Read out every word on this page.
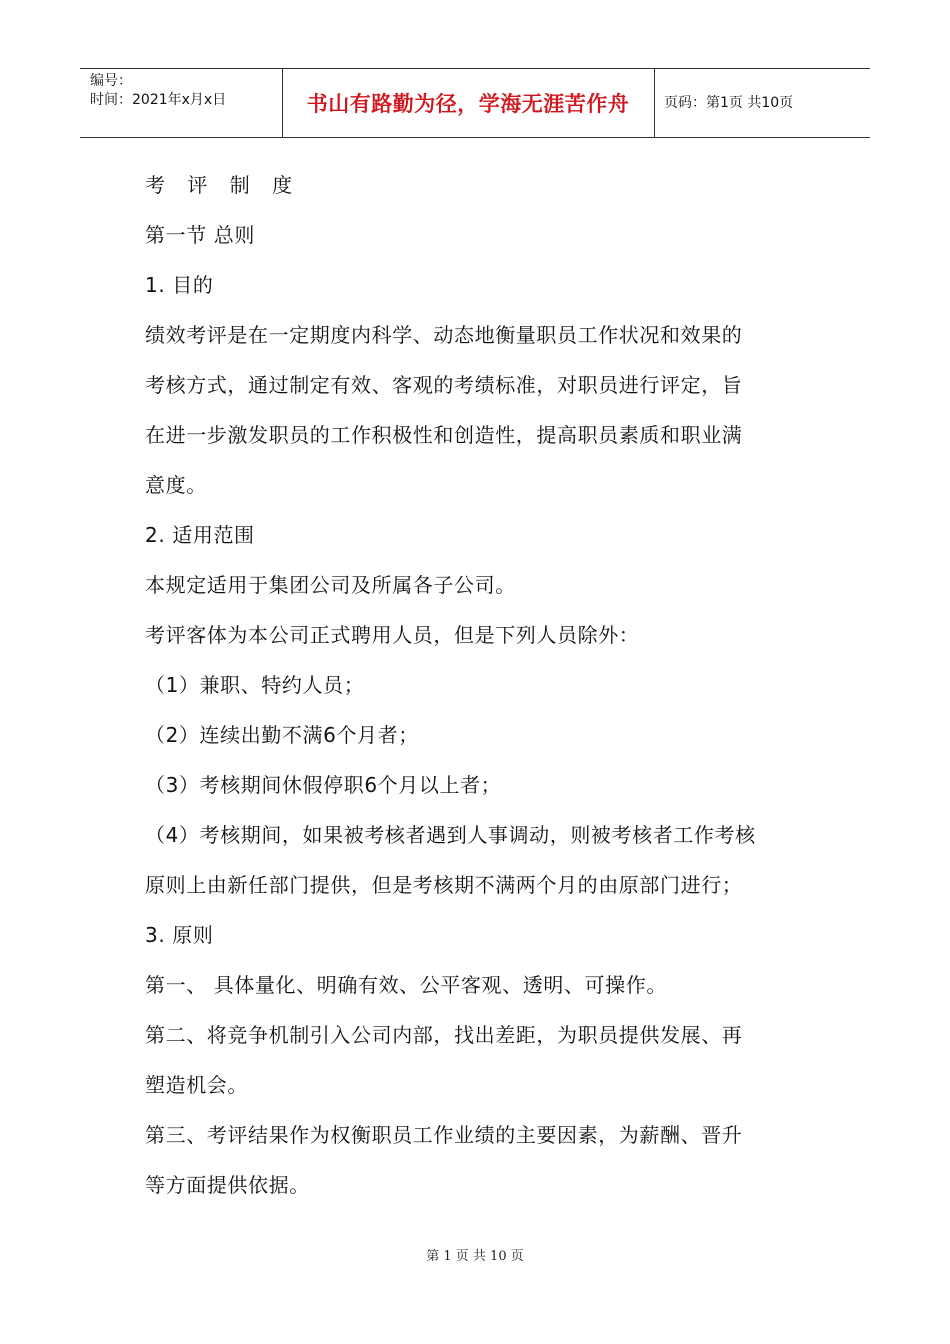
编号：
时间：2021年x月x日	书山有路勤为径，学海无涯苦作舟	页码：第1页 共10页
考 评 制 度
第一节 总则
1. 目的
绩效考评是在一定期度内科学、动态地衡量职员工作状况和效果的
考核方式，通过制定有效、客观的考绩标准，对职员进行评定，旨
在进一步激发职员的工作积极性和创造性，提高职员素质和职业满
意度。
2. 适用范围
本规定适用于集团公司及所属各子公司。
考评客体为本公司正式聘用人员，但是下列人员除外：
（1）兼职、特约人员；
（2）连续出勤不满6个月者；
（3）考核期间休假停职6个月以上者；
（4）考核期间，如果被考核者遇到人事调动，则被考核者工作考核
原则上由新任部门提供，但是考核期不满两个月的由原部门进行；
3. 原则
第一、 具体量化、明确有效、公平客观、透明、可操作。
第二、将竞争机制引入公司内部，找出差距，为职员提供发展、再
塑造机会。
第三、考评结果作为权衡职员工作业绩的主要因素，为薪酬、晋升
等方面提供依据。
第 1 页 共 10 页
